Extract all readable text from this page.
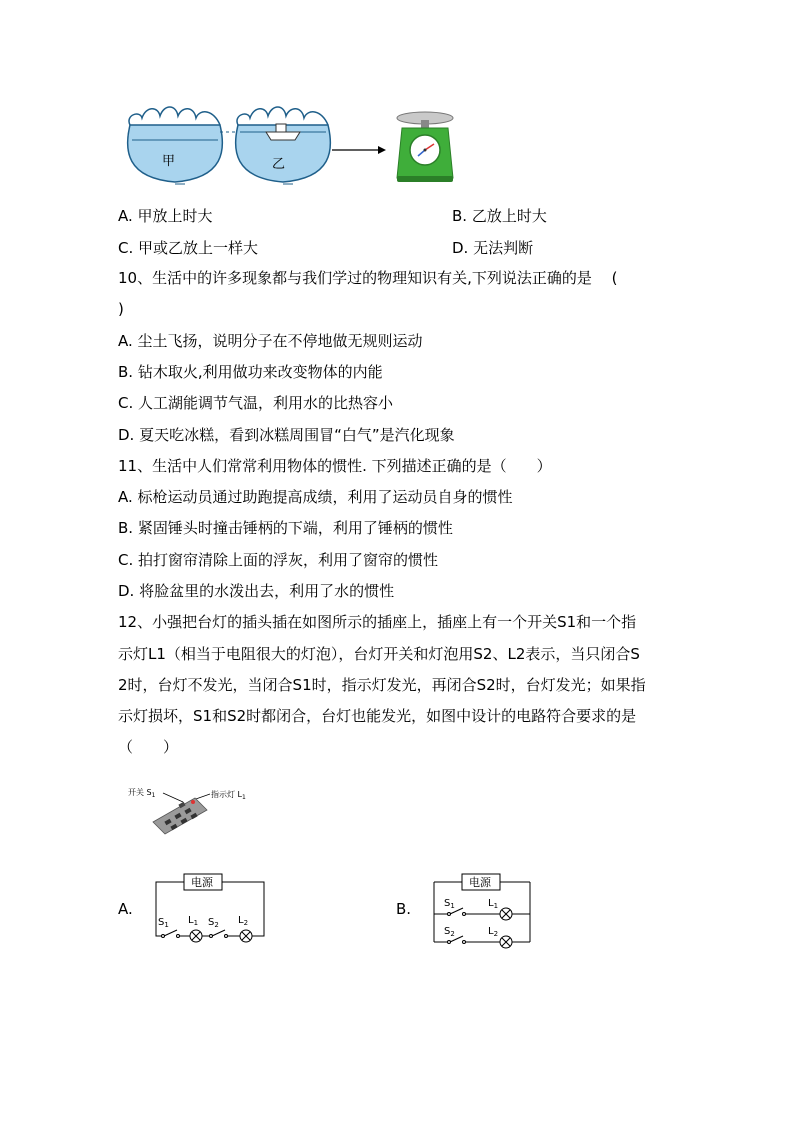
甲	乙
A. 甲放上时大	B. 乙放上时大
C. 甲或乙放上一样大	D. 无法判断
10、生活中的许多现象都与我们学过的物理知识有关,下列说法正确的是　 (
)
A. 尘土飞扬，说明分子在不停地做无规则运动
B. 钻木取火,利用做功来改变物体的内能
C. 人工湖能调节气温，利用水的比热容小
D. 夏天吃冰糕，看到冰糕周围冒“白气”是汽化现象
11、生活中人们常常利用物体的惯性. 下列描述正确的是（　　）
A. 标枪运动员通过助跑提高成绩，利用了运动员自身的惯性
B. 紧固锤头时撞击锤柄的下端，利用了锤柄的惯性
C. 拍打窗帘清除上面的浮灰，利用了窗帘的惯性
D. 将脸盆里的水泼出去，利用了水的惯性
12、小强把台灯的插头插在如图所示的插座上，插座上有一个开关S1和一个指
示灯L1（相当于电阻很大的灯泡），台灯开关和灯泡用S2、L2表示，当只闭合S
2时，台灯不发光，当闭合S1时，指示灯发光，再闭合S2时，台灯发光；如果指
示灯损坏，S1和S2时都闭合，台灯也能发光，如图中设计的电路符合要求的是
（　　）
开关 $S_1$	指示灯 $L_1$
A.
电源
$S_1$ $L_1$ $S_2$ $L_2$
B.
电源
$S_1$	$L_1$
$S_2$	$L_2$
